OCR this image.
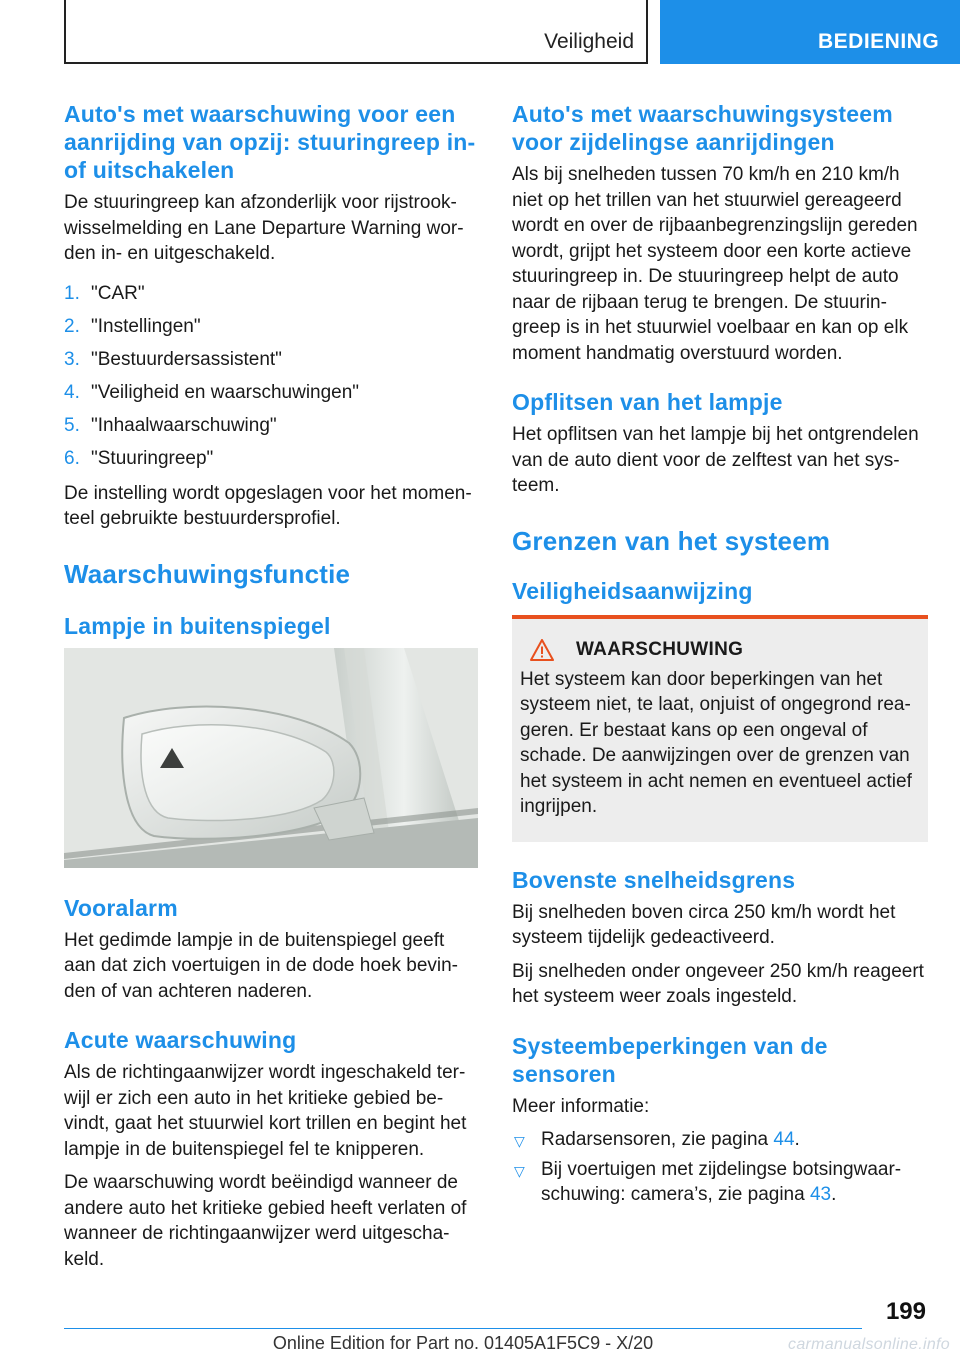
Veiligheid	BEDIENING
Auto's met waarschuwing voor een aanrijding van opzij: stuuringreep in- of uitschakelen

De stuuringreep kan afzonderlijk voor rijstrook- wisselmelding en Lane Departure Warning wor- den in- en uitgeschakeld.

1. "CAR"
2. "Instellingen"
3. "Bestuurdersassistent"
4. "Veiligheid en waarschuwingen"
5. "Inhaalwaarschuwing"
6. "Stuuringreep"

De instelling wordt opgeslagen voor het momen- teel gebruikte bestuurdersprofiel.

Waarschuwingsfunctie
Lampje in buitenspiegel
Vooralarm

Het gedimde lampje in de buitenspiegel geeft aan dat zich voertuigen in de dode hoek bevin- den of van achteren naderen.

Acute waarschuwing

Als de richtingaanwijzer wordt ingeschakeld ter- wijl er zich een auto in het kritieke gebied be- vindt, gaat het stuurwiel kort trillen en begint het lampje in de buitenspiegel fel te knipperen.

De waarschuwing wordt beëindigd wanneer de andere auto het kritieke gebied heeft verlaten of wanneer de richtingaanwijzer werd uitgescha- keld.

Auto's met waarschuwingsysteem voor zijdelingse aanrijdingen

Als bij snelheden tussen 70 km/h en 210 km/h niet op het trillen van het stuurwiel gereageerd wordt en over de rijbaanbegrenzingslijn gereden wordt, grijpt het systeem door een korte actieve stuuringreep in. De stuuringreep helpt de auto naar de rijbaan terug te brengen. De stuurin- greep is in het stuurwiel voelbaar en kan op elk moment handmatig overstuurd worden.

Opflitsen van het lampje

Het opflitsen van het lampje bij het ontgrendelen van de auto dient voor de zelftest van het sys- teem.

Grenzen van het systeem
Veiligheidsaanwijzing
WAARSCHUWING

Het systeem kan door beperkingen van het systeem niet, te laat, onjuist of ongegrond rea- geren. Er bestaat kans op een ongeval of schade. De aanwijzingen over de grenzen van het systeem in acht nemen en eventueel actief ingrijpen.

Bovenste snelheidsgrens

Bij snelheden boven circa 250 km/h wordt het systeem tijdelijk gedeactiveerd.

Bij snelheden onder ongeveer 250 km/h reageert het systeem weer zoals ingesteld.

Systeembeperkingen van de sensoren

Meer informatie:

▽ Radarsensoren, zie pagina 44.
▽ Bij voertuigen met zijdelingse botsingwaar- schuwing: camera’s, zie pagina 43.
199
Online Edition for Part no. 01405A1F5C9 - X/20	carmanualsonline.info
